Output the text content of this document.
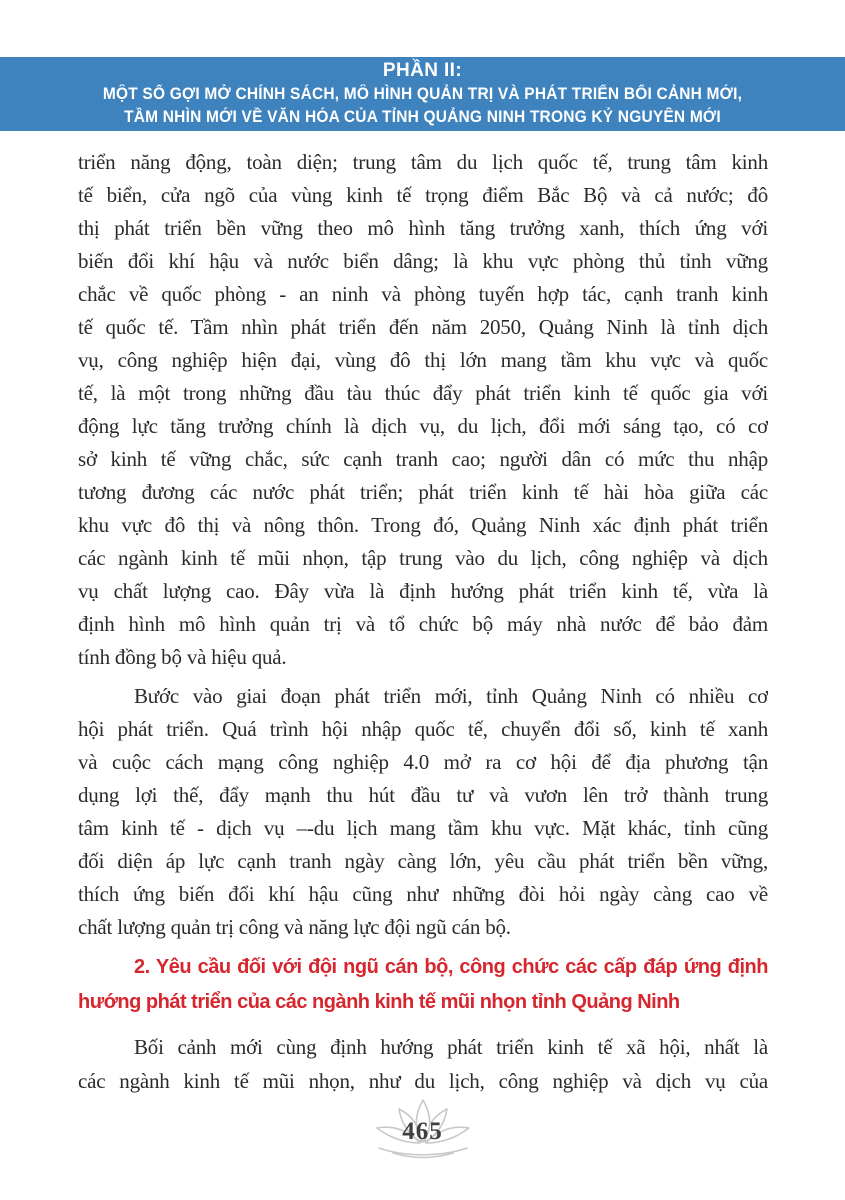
PHẦN II:
MỘT SỐ GỢI MỞ CHÍNH SÁCH, MÔ HÌNH QUẢN TRỊ VÀ PHÁT TRIỂN BỐI CẢNH MỚI,
TẦM NHÌN MỚI VỀ VĂN HÓA CỦA TỈNH QUẢNG NINH TRONG KỶ NGUYÊN MỚI
triển năng động, toàn diện; trung tâm du lịch quốc tế, trung tâm kinh
tế biển, cửa ngõ của vùng kinh tế trọng điểm Bắc Bộ và cả nước; đô
thị phát triển bền vững theo mô hình tăng trưởng xanh, thích ứng với
biến đổi khí hậu và nước biển dâng; là khu vực phòng thủ tỉnh vững
chắc về quốc phòng - an ninh và phòng tuyến hợp tác, cạnh tranh kinh
tế quốc tế. Tầm nhìn phát triển đến năm 2050, Quảng Ninh là tỉnh dịch
vụ, công nghiệp hiện đại, vùng đô thị lớn mang tầm khu vực và quốc
tế, là một trong những đầu tàu thúc đẩy phát triển kinh tế quốc gia với
động lực tăng trưởng chính là dịch vụ, du lịch, đổi mới sáng tạo, có cơ
sở kinh tế vững chắc, sức cạnh tranh cao; người dân có mức thu nhập
tương đương các nước phát triển; phát triển kinh tế hài hòa giữa các
khu vực đô thị và nông thôn. Trong đó, Quảng Ninh xác định phát triển
các ngành kinh tế mũi nhọn, tập trung vào du lịch, công nghiệp và dịch
vụ chất lượng cao. Đây vừa là định hướng phát triển kinh tế, vừa là
định hình mô hình quản trị và tổ chức bộ máy nhà nước để bảo đảm
tính đồng bộ và hiệu quả.
Bước vào giai đoạn phát triển mới, tỉnh Quảng Ninh có nhiều cơ
hội phát triển. Quá trình hội nhập quốc tế, chuyển đổi số, kinh tế xanh
và cuộc cách mạng công nghiệp 4.0 mở ra cơ hội để địa phương tận
dụng lợi thế, đẩy mạnh thu hút đầu tư và vươn lên trở thành trung
tâm kinh tế - dịch vụ –-du lịch mang tầm khu vực. Mặt khác, tỉnh cũng
đối diện áp lực cạnh tranh ngày càng lớn, yêu cầu phát triển bền vững,
thích ứng biến đổi khí hậu cũng như những đòi hỏi ngày càng cao về
chất lượng quản trị công và năng lực đội ngũ cán bộ.
2. Yêu cầu đối với đội ngũ cán bộ, công chức các cấp đáp ứng định
hướng phát triển của các ngành kinh tế mũi nhọn tỉnh Quảng Ninh
Bối cảnh mới cùng định hướng phát triển kinh tế xã hội, nhất là
các ngành kinh tế mũi nhọn, như du lịch, công nghiệp và dịch vụ của
465
